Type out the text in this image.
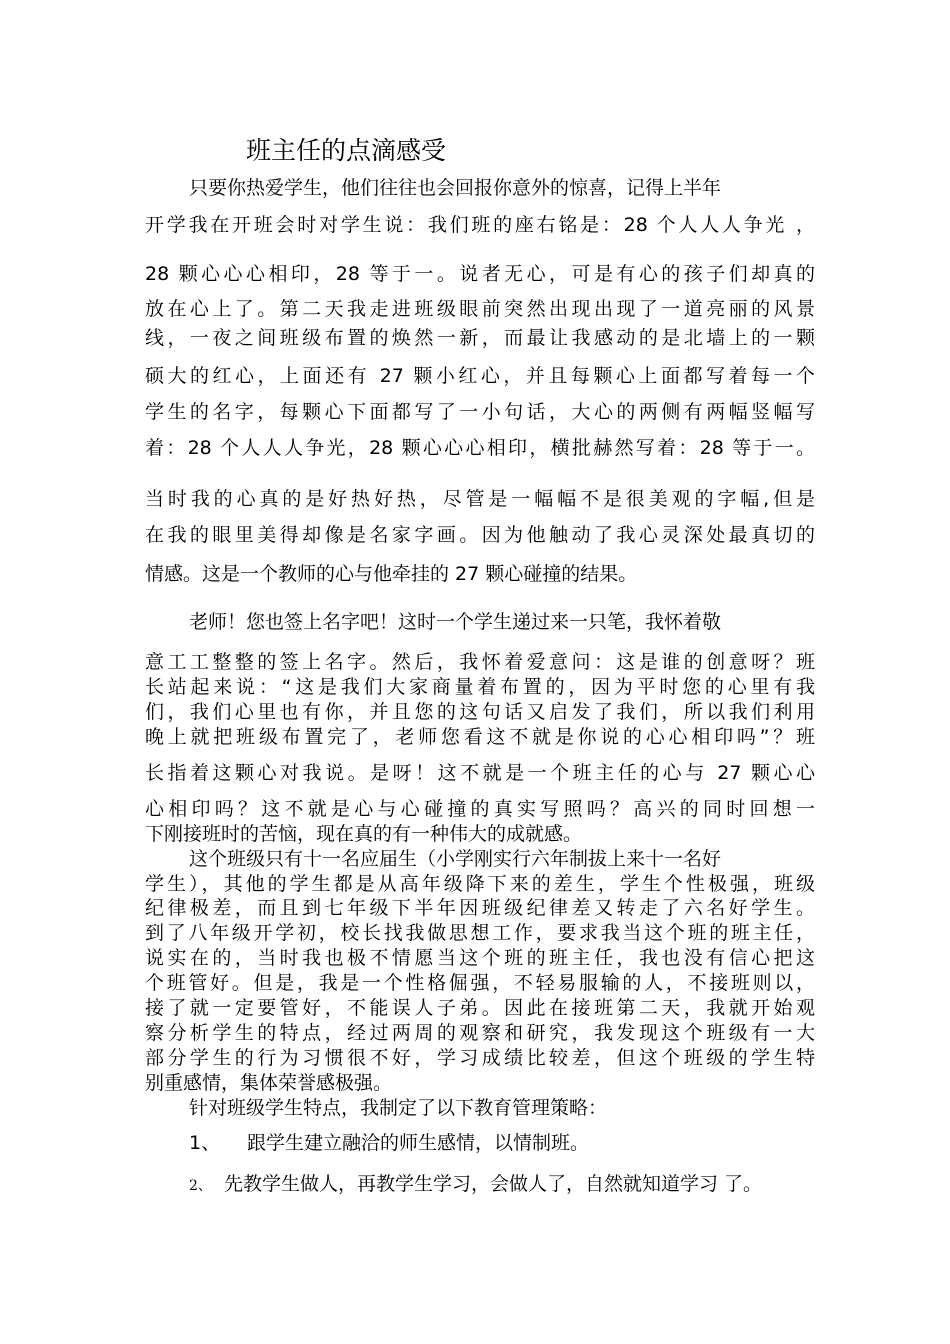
班主任的点滴感受
只要你热爱学生，他们往往也会回报你意外的惊喜，记得上半年
开学我在开班会时对学生说：我们班的座右铭是：28 个人人人争光 ，
28 颗心心心相印，28 等于一。说者无心，可是有心的孩子们却真的
放在心上了。第二天我走进班级眼前突然出现出现了一道亮丽的风景
线，一夜之间班级布置的焕然一新，而最让我感动的是北墙上的一颗
硕大的红心，上面还有 27 颗小红心，并且每颗心上面都写着每一个
学生的名字，每颗心下面都写了一小句话，大心的两侧有两幅竖幅写
着：28 个人人人争光，28 颗心心心相印，横批赫然写着：28 等于一。
当时我的心真的是好热好热，尽管是一幅幅不是很美观的字幅,但是
在我的眼里美得却像是名家字画。因为他触动了我心灵深处最真切的
情感。这是一个教师的心与他牵挂的 27 颗心碰撞的结果。
老师！您也签上名字吧！这时一个学生递过来一只笔，我怀着敬
意工工整整的签上名字。然后，我怀着爱意问：这是谁的创意呀？班
长站起来说：“这是我们大家商量着布置的，因为平时您的心里有我
们，我们心里也有你，并且您的这句话又启发了我们，所以我们利用
晚上就把班级布置完了，老师您看这不就是你说的心心相印吗”？班
长指着这颗心对我说。是呀！这不就是一个班主任的心与 27 颗心心
心相印吗？这不就是心与心碰撞的真实写照吗？高兴的同时回想一
下刚接班时的苦恼，现在真的有一种伟大的成就感。
这个班级只有十一名应届生（小学刚实行六年制拔上来十一名好
学生），其他的学生都是从高年级降下来的差生，学生个性极强，班级
纪律极差，而且到七年级下半年因班级纪律差又转走了六名好学生。
到了八年级开学初，校长找我做思想工作，要求我当这个班的班主任，
说实在的，当时我也极不情愿当这个班的班主任，我也没有信心把这
个班管好。但是，我是一个性格倔强，不轻易服输的人，不接班则以，
接了就一定要管好，不能误人子弟。因此在接班第二天，我就开始观
察分析学生的特点，经过两周的观察和研究，我发现这个班级有一大
部分学生的行为习惯很不好，学习成绩比较差，但这个班级的学生特
别重感情，集体荣誉感极强。
针对班级学生特点，我制定了以下教育管理策略：
1、 跟学生建立融洽的师生感情，以情制班。
2、 先教学生做人，再教学生学习，会做人了，自然就知道学习 了。
